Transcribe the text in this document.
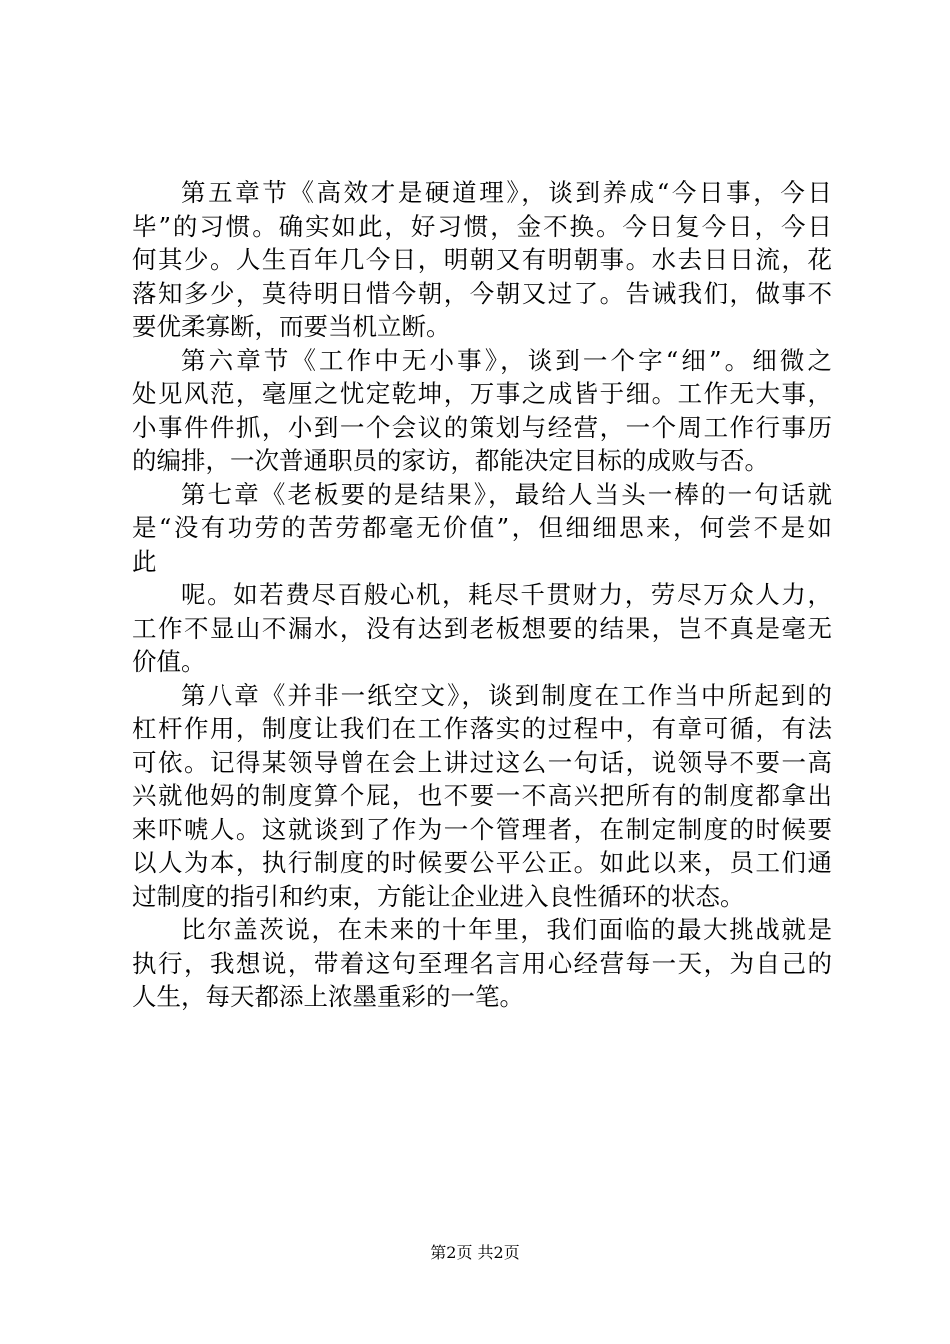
第五章节《高效才是硬道理》，谈到养成“今日事，今日
毕”的习惯。确实如此，好习惯，金不换。今日复今日，今日
何其少。人生百年几今日，明朝又有明朝事。水去日日流，花
落知多少，莫待明日惜今朝，今朝又过了。告诫我们，做事不
要优柔寡断，而要当机立断。
第六章节《工作中无小事》，谈到一个字“细”。细微之
处见风范，毫厘之忧定乾坤，万事之成皆于细。工作无大事，
小事件件抓，小到一个会议的策划与经营，一个周工作行事历
的编排，一次普通职员的家访，都能决定目标的成败与否。
第七章《老板要的是结果》，最给人当头一棒的一句话就
是“没有功劳的苦劳都毫无价值”，但细细思来，何尝不是如
此
呢。如若费尽百般心机，耗尽千贯财力，劳尽万众人力，
工作不显山不漏水，没有达到老板想要的结果，岂不真是毫无
价值。
第八章《并非一纸空文》，谈到制度在工作当中所起到的
杠杆作用，制度让我们在工作落实的过程中，有章可循，有法
可依。记得某领导曾在会上讲过这么一句话，说领导不要一高
兴就他妈的制度算个屁，也不要一不高兴把所有的制度都拿出
来吓唬人。这就谈到了作为一个管理者，在制定制度的时候要
以人为本，执行制度的时候要公平公正。如此以来，员工们通
过制度的指引和约束，方能让企业进入良性循环的状态。
比尔盖茨说，在未来的十年里，我们面临的最大挑战就是
执行，我想说，带着这句至理名言用心经营每一天，为自己的
人生，每天都添上浓墨重彩的一笔。
第2页 共2页
